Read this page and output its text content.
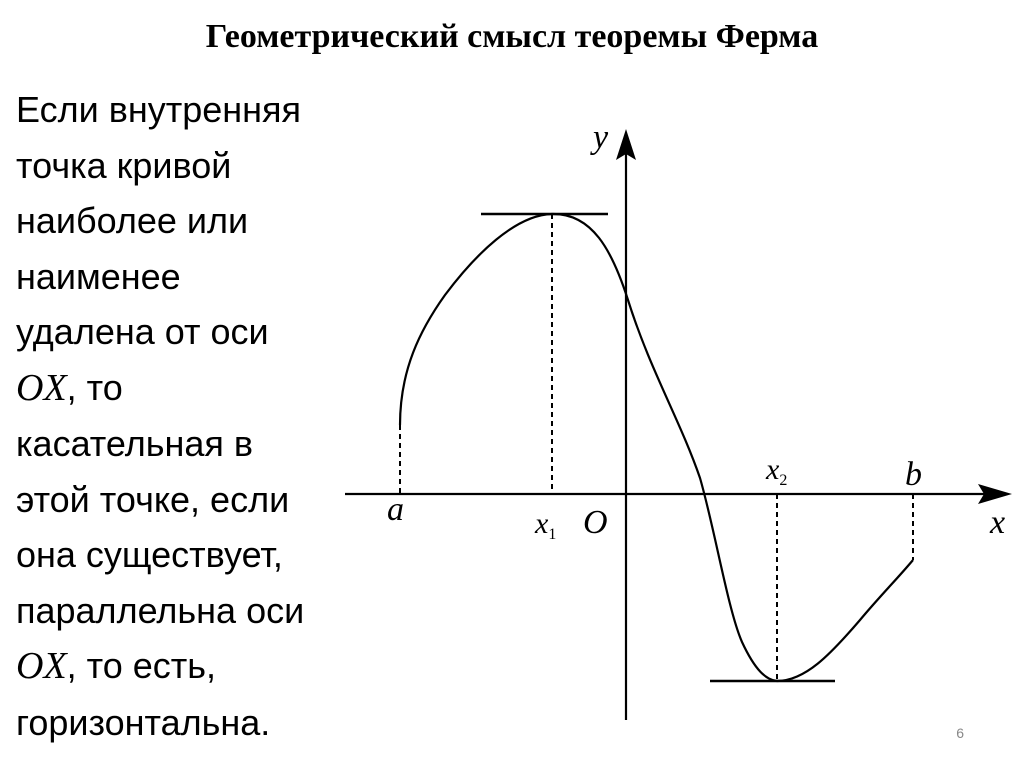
Геометрический смысл теоремы Ферма
Если внутренняя
точка кривой
наиболее или
наименее
удалена от оси
OX, то
касательная в
этой точке, если
она существует,
параллельна оси
OX, то есть,
горизонтальна.
y
x
O
a
b
x1
x2
6
